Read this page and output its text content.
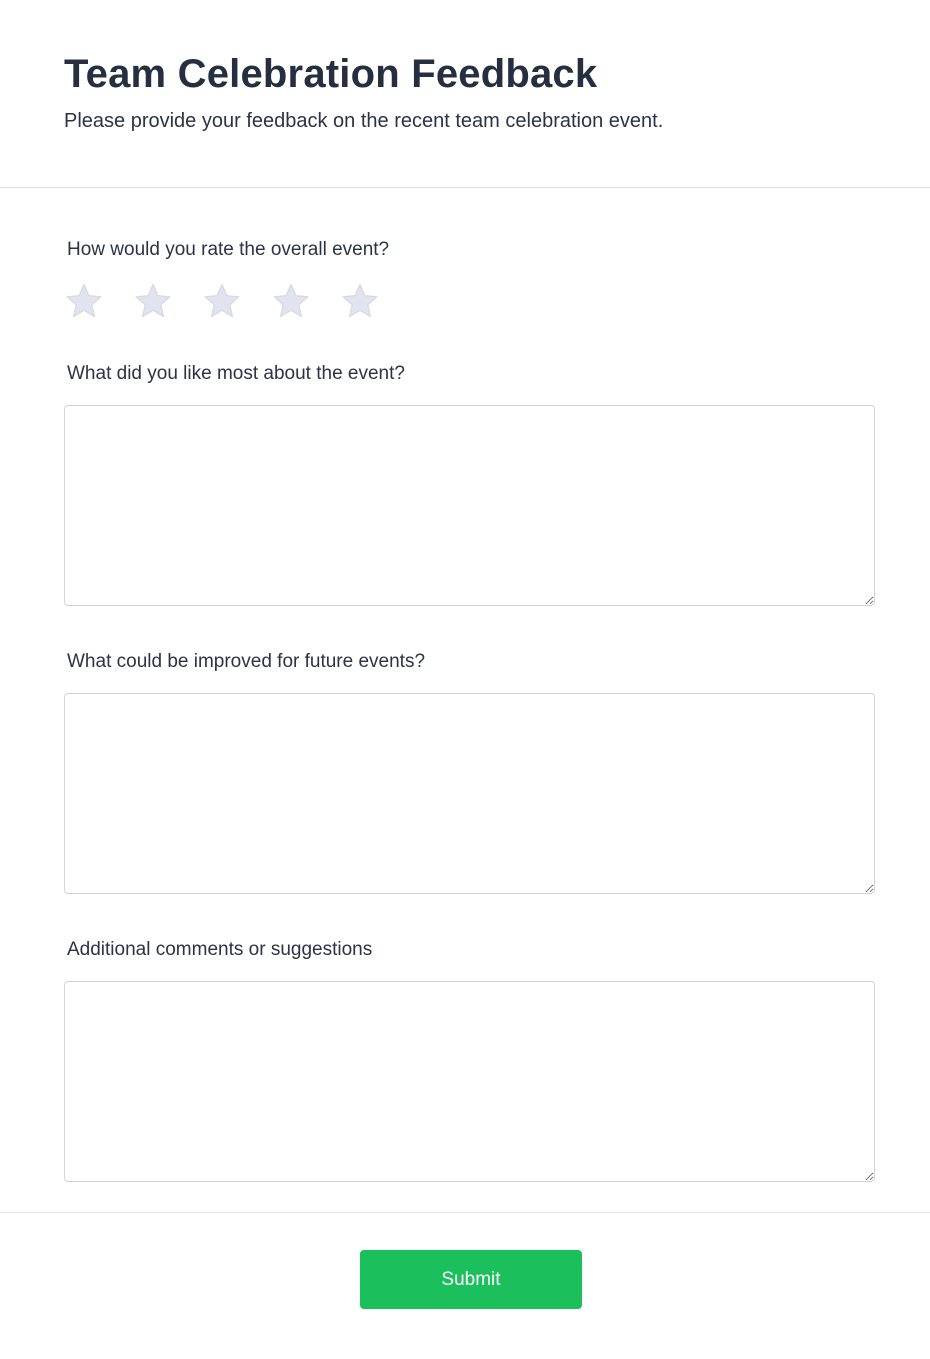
Team Celebration Feedback

Please provide your feedback on the recent team celebration event.

How would you rate the overall event?
What did you like most about the event?
What could be improved for future events?
Additional comments or suggestions
Submit
